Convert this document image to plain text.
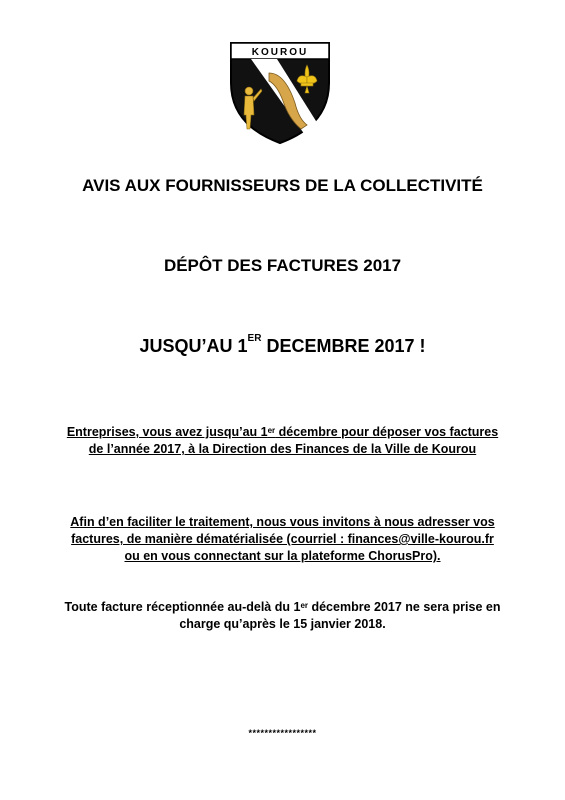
KOUROU
AVIS AUX FOURNISSEURS DE LA COLLECTIVITÉ
DÉPÔT DES FACTURES 2017
JUSQU’AU 1ER DECEMBRE 2017 !

Entreprises, vous avez jusqu’au 1er décembre pour déposer vos factures
de l’année 2017, à la Direction des Finances de la Ville de Kourou

Afin d’en faciliter le traitement, nous vous invitons à nous adresser vos
factures, de manière dématérialisée (courriel : finances@ville-kourou.fr
ou en vous connectant sur la plateforme ChorusPro).

Toute facture réceptionnée au-delà du 1er décembre 2017 ne sera prise en
charge qu’après le 15 janvier 2018.

*****************
